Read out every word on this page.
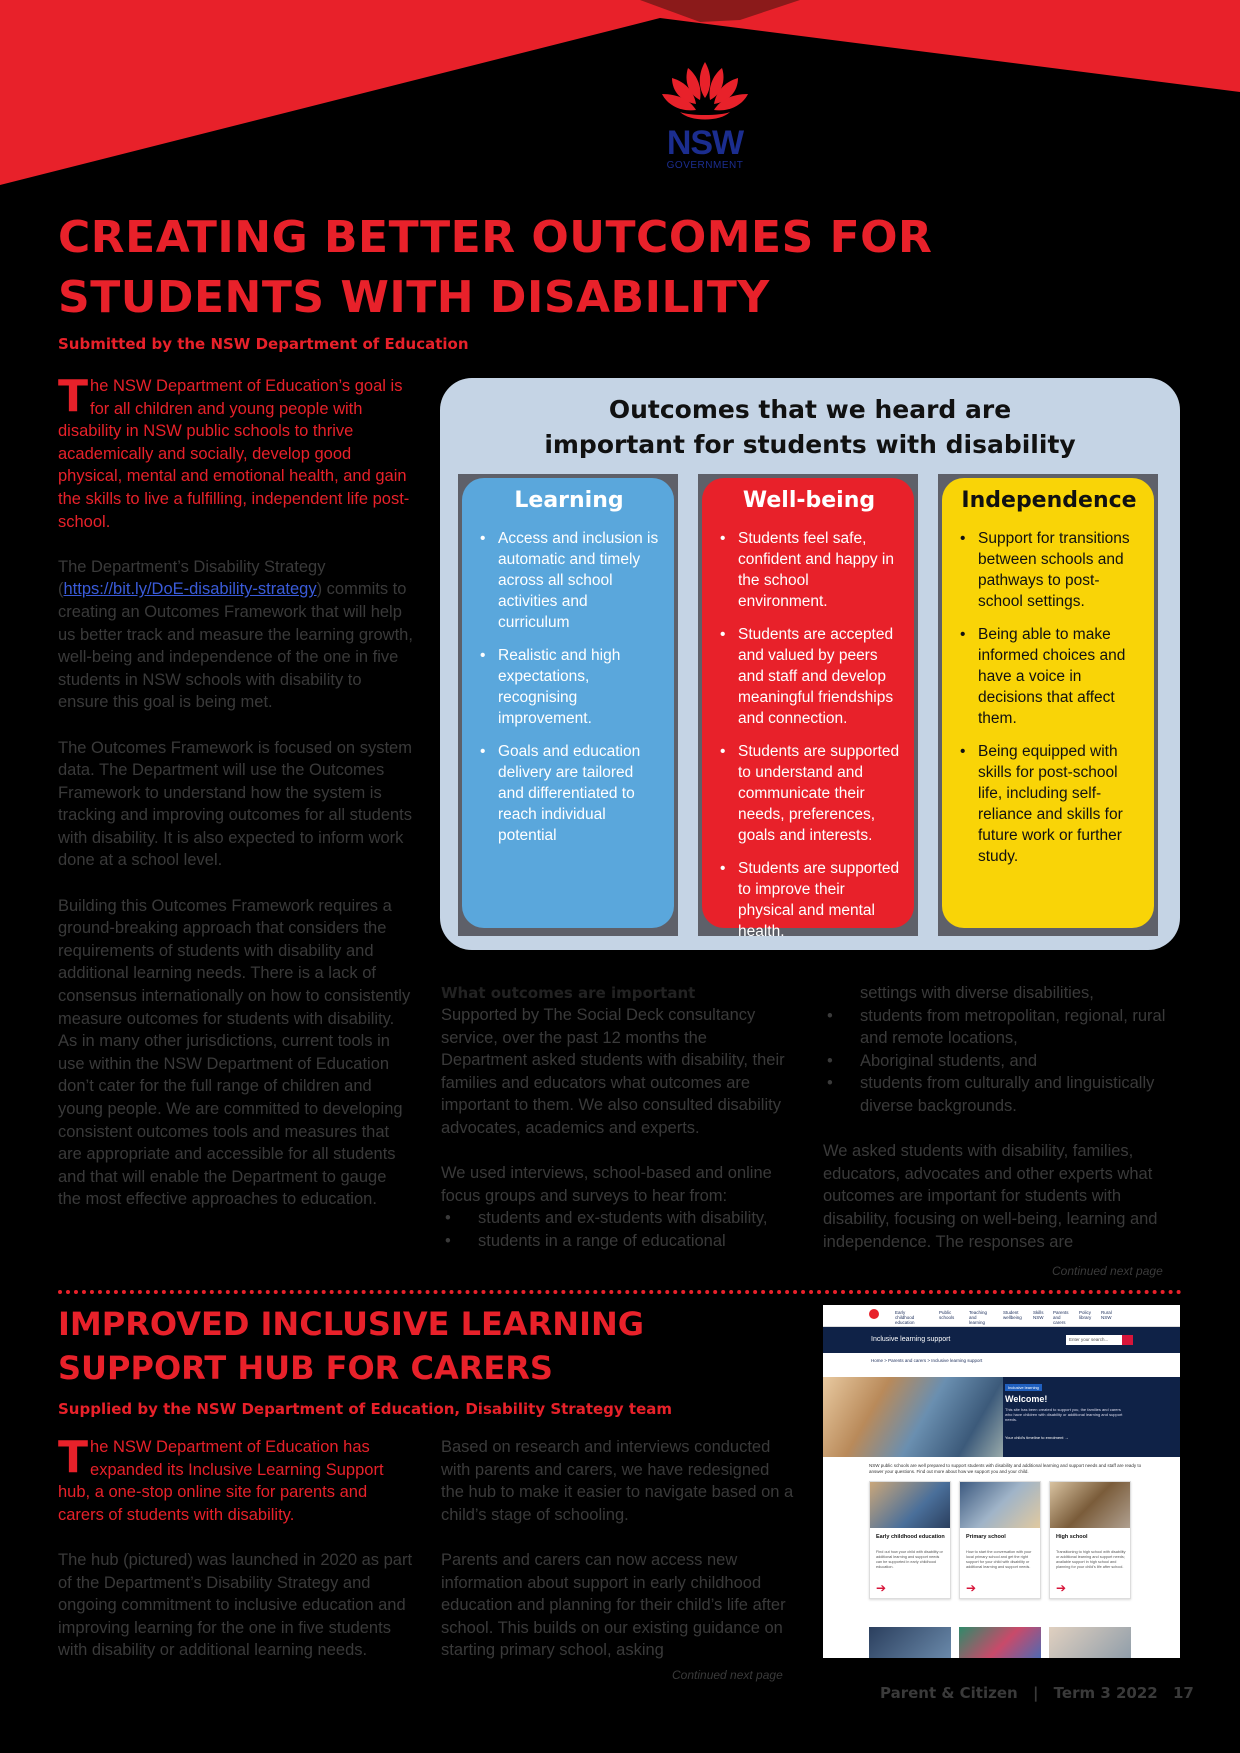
NSW
GOVERNMENT
CREATING BETTER OUTCOMES FOR
STUDENTS WITH DISABILITY
Submitted by the NSW Department of Education

The NSW Department of Education’s goal is for all children and young people with disability in NSW public schools to thrive academically and socially, develop good physical, mental and emotional health, and gain the skills to live a fulfilling, independent life post-school.

The Department’s Disability Strategy (https://bit.ly/DoE-disability-strategy) commits to creating an Outcomes Framework that will help us better track and measure the learning growth, well-being and independence of the one in five students in NSW schools with disability to ensure this goal is being met.

The Outcomes Framework is focused on system data. The Department will use the Outcomes Framework to understand how the system is tracking and improving outcomes for all students with disability. It is also expected to inform work done at a school level.

Building this Outcomes Framework requires a ground-breaking approach that considers the requirements of students with disability and additional learning needs. There is a lack of consensus internationally on how to consistently measure outcomes for students with disability. As in many other jurisdictions, current tools in use within the NSW Department of Education don’t cater for the full range of children and young people. We are committed to developing consistent outcomes tools and measures that are appropriate and accessible for all students and that will enable the Department to gauge the most effective approaches to education.

Outcomes that we heard are
important for students with disability
Learning
• Access and inclusion is automatic and timely across all school activities and curriculum
• Realistic and high expectations, recognising improvement.
• Goals and education delivery are tailored and differentiated to reach individual potential
Well-being
• Students feel safe, confident and happy in the school environment.
• Students are accepted and valued by peers and staff and develop meaningful friendships and connection.
• Students are supported to understand and communicate their needs, preferences, goals and interests.
• Students are supported to improve their physical and mental health.
Independence
• Support for transitions between schools and pathways to post-school settings.
• Being able to make informed choices and have a voice in decisions that affect them.
• Being equipped with skills for post-school life, including self-reliance and skills for future work or further study.
What outcomes are important

Supported by The Social Deck consultancy service, over the past 12 months the Department asked students with disability, their families and educators what outcomes are important to them. We also consulted disability advocates, academics and experts.

We used interviews, school-based and online focus groups and surveys to hear from:

• students and ex-students with disability,
• students in a range of educational
settings with diverse disabilities,
• students from metropolitan, regional, rural and remote locations,
• Aboriginal students, and
• students from culturally and linguistically diverse backgrounds.

We asked students with disability, families, educators, advocates and other experts what outcomes are important for students with disability, focusing on well-being, learning and independence. The responses are

Continued next page
IMPROVED INCLUSIVE LEARNING
SUPPORT HUB FOR CARERS
Supplied by the NSW Department of Education, Disability Strategy team

The NSW Department of Education has expanded its Inclusive Learning Support hub, a one-stop online site for parents and carers of students with disability.

The hub (pictured) was launched in 2020 as part of the Department’s Disability Strategy and ongoing commitment to inclusive education and improving learning for the one in five students with disability or additional learning needs.

Based on research and interviews conducted with parents and carers, we have redesigned the hub to make it easier to navigate based on a child’s stage of schooling.

Parents and carers can now access new information about support in early childhood education and planning for their child’s life after school. This builds on our existing guidance on starting primary school, asking

Continued next page
Early childhood education
Public schools
Teaching and learning
Student wellbeing
Skills NSW
Parents and carers
Policy library
Rural NSW
Inclusive learning support	Enter your search...
Home > Parents and carers > Inclusive learning support
Inclusive learning
Welcome!
This site has been created to support you, the families and carers who have children with disability or additional learning and support needs.
Your child's timeline to enrolment →
NSW public schools are well prepared to support students with disability and additional learning and support needs and staff are ready to answer your questions. Find out more about how we support you and your child.
Early childhood education
Find out how your child with disability or additional learning and support needs can be supported in early childhood education.
➔
Primary school
How to start the conversation with your local primary school and get the right support for your child with disability or additional learning and support needs.
➔
High school
Transitioning to high school with disability or additional learning and support needs; available support in high school and planning for your child's life after school.
➔
Parent & Citizen | Term 3 2022 17
